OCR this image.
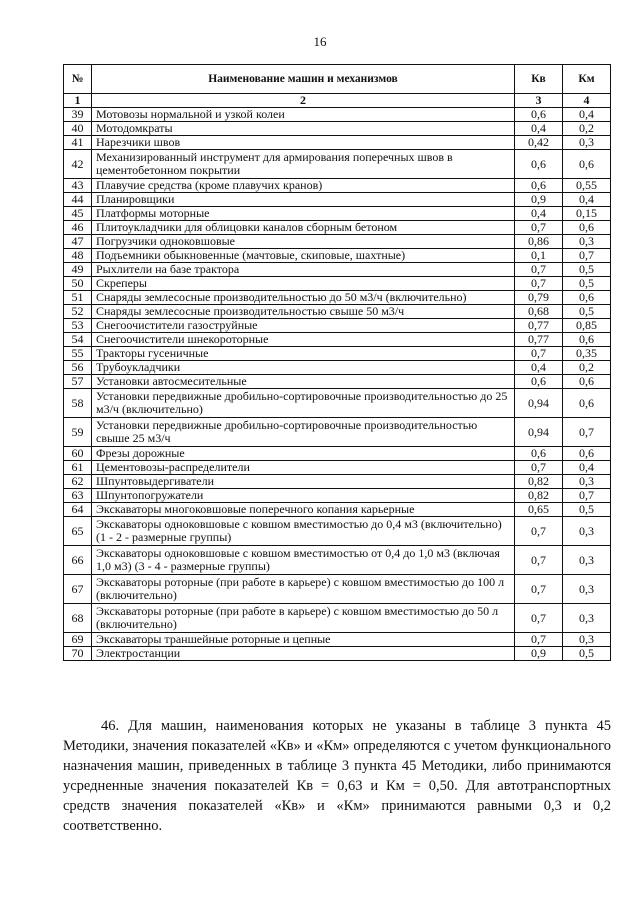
16
№	Наименование машин и механизмов	Кв	Км
1	2	3	4
39	Мотовозы нормальной и узкой колеи	0,6	0,4
40	Мотодомкраты	0,4	0,2
41	Нарезчики швов	0,42	0,3
42	Механизированный инструмент для армирования поперечных швов в цементобетонном покрытии	0,6	0,6
43	Плавучие средства (кроме плавучих кранов)	0,6	0,55
44	Планировщики	0,9	0,4
45	Платформы моторные	0,4	0,15
46	Плитоукладчики для облицовки каналов сборным бетоном	0,7	0,6
47	Погрузчики одноковшовые	0,86	0,3
48	Подъемники обыкновенные (мачтовые, скиповые, шахтные)	0,1	0,7
49	Рыхлители на базе трактора	0,7	0,5
50	Скреперы	0,7	0,5
51	Снаряды землесосные производительностью до 50 м3/ч (включительно)	0,79	0,6
52	Снаряды землесосные производительностью свыше 50 м3/ч	0,68	0,5
53	Снегоочистители газоструйные	0,77	0,85
54	Снегоочистители шнекороторные	0,77	0,6
55	Тракторы гусеничные	0,7	0,35
56	Трубоукладчики	0,4	0,2
57	Установки автосмесительные	0,6	0,6
58	Установки передвижные дробильно-сортировочные производительностью до 25 м3/ч (включительно)	0,94	0,6
59	Установки передвижные дробильно-сортировочные производительностью свыше 25 м3/ч	0,94	0,7
60	Фрезы дорожные	0,6	0,6
61	Цементовозы-распределители	0,7	0,4
62	Шпунтовыдергиватели	0,82	0,3
63	Шпунтопогружатели	0,82	0,7
64	Экскаваторы многоковшовые поперечного копания карьерные	0,65	0,5
65	Экскаваторы одноковшовые с ковшом вместимостью до 0,4 м3 (включительно) (1 - 2 - размерные группы)	0,7	0,3
66	Экскаваторы одноковшовые с ковшом вместимостью от 0,4 до 1,0 м3 (включая 1,0 м3) (3 - 4 - размерные группы)	0,7	0,3
67	Экскаваторы роторные (при работе в карьере) с ковшом вместимостью до 100 л (включительно)	0,7	0,3
68	Экскаваторы роторные (при работе в карьере) с ковшом вместимостью до 50 л (включительно)	0,7	0,3
69	Экскаваторы траншейные роторные и цепные	0,7	0,3
70	Электростанции	0,9	0,5
46. Для машин, наименования которых не указаны в таблице 3 пункта 45 Методики, значения показателей «Кв» и «Км» определяются с учетом функционального назначения машин, приведенных в таблице 3 пункта 45 Методики, либо принимаются усредненные значения показателей Кв = 0,63 и Км = 0,50. Для автотранспортных средств значения показателей «Кв» и «Км» принимаются равными 0,3 и 0,2 соответственно.
